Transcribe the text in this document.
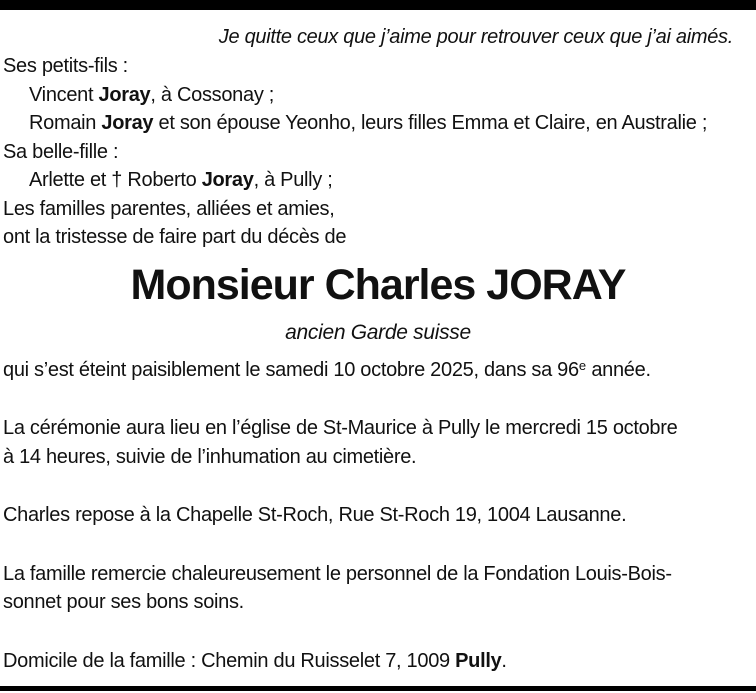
Je quitte ceux que j’aime pour retrouver ceux que j’ai aimés.
Ses petits-fils :
Vincent Joray, à Cossonay ;
Romain Joray et son épouse Yeonho, leurs filles Emma et Claire, en Australie ;
Sa belle-fille :
Arlette et † Roberto Joray, à Pully ;
Les familles parentes, alliées et amies,
ont la tristesse de faire part du décès de
Monsieur Charles JORAY
ancien Garde suisse
qui s’est éteint paisiblement le samedi 10 octobre 2025, dans sa 96e année.
La cérémonie aura lieu en l’église de St-Maurice à Pully le mercredi 15 octobre
à 14 heures, suivie de l’inhumation au cimetière.
Charles repose à la Chapelle St-Roch, Rue St-Roch 19, 1004 Lausanne.
La famille remercie chaleureusement le personnel de la Fondation Louis-Bois-
sonnet pour ses bons soins.
Domicile de la famille : Chemin du Ruisselet 7, 1009 Pully.
